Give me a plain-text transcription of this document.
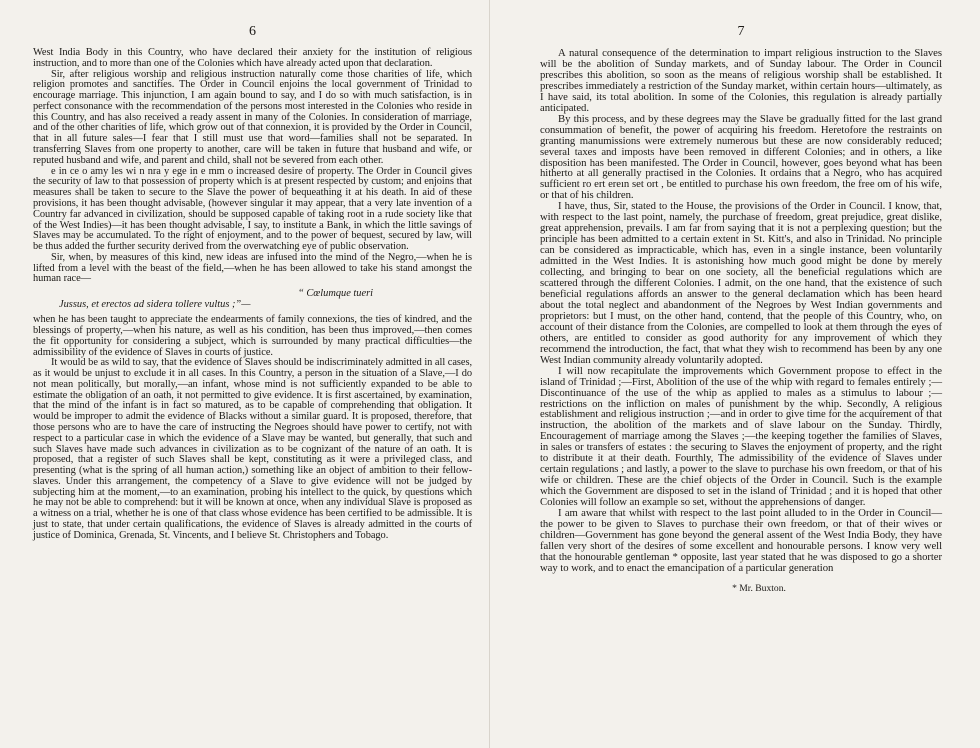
6

West India Body in this Country, who have declared their anxiety for the institution of religious instruction, and to more than one of the Colonies which have already acted upon that declaration.

Sir, after religious worship and religious instruction naturally come those charities of life, which religion promotes and sanctifies. The Order in Council enjoins the local government of Trinidad to encourage marriage. This injunction, I am again bound to say, and I do so with much satisfaction, is in perfect consonance with the recommendation of the persons most interested in the Colonies who reside in this Country, and has also received a ready assent in many of the Colonies. In consideration of marriage, and of the other charities of life, which grow out of that connexion, it is provided by the Order in Council, that in all future sales—I fear that I still must use that word—families shall not be separated. In transferring Slaves from one property to another, care will be taken in future that husband and wife, or reputed husband and wife, and parent and child, shall not be severed from each other.

e in ce o amy les wi n nra y ege in e mm o increased desire of property. The Order in Council gives the security of law to that possession of property which is at present respected by custom; and enjoins that measures shall be taken to secure to the Slave the power of bequeathing it at his death. In aid of these provisions, it has been thought advisable, (however singular it may appear, that a very late invention of a Country far advanced in civilization, should be supposed capable of taking root in a rude society like that of the West Indies)—it has been thought advisable, I say, to institute a Bank, in which the little savings of Slaves may be accumulated. To the right of enjoyment, and to the power of bequest, secured by law, will be thus added the further security derived from the overwatching eye of public observation.

Sir, when, by measures of this kind, new ideas are infused into the mind of the Negro,—when he is lifted from a level with the beast of the field,—when he has been allowed to take his stand amongst the human race—

“ Cœlumque tueri
Jussus, et erectos ad sidera tollere vultus ;”—

when he has been taught to appreciate the endearments of family connexions, the ties of kindred, and the blessings of property,—when his nature, as well as his condition, has been thus improved,—then comes the fit opportunity for considering a subject, which is surrounded by many practical difficulties—the admissibility of the evidence of Slaves in courts of justice.

It would be as wild to say, that the evidence of Slaves should be indiscriminately admitted in all cases, as it would be unjust to exclude it in all cases. In this Country, a person in the situation of a Slave,—I do not mean politically, but morally,—an infant, whose mind is not sufficiently expanded to be able to estimate the obligation of an oath, it not permitted to give evidence. It is first ascertained, by examination, that the mind of the infant is in fact so matured, as to be capable of comprehending that obligation. It would be improper to admit the evidence of Blacks without a similar guard. It is proposed, therefore, that those persons who are to have the care of instructing the Negroes should have power to certify, not with respect to a particular case in which the evidence of a Slave may be wanted, but generally, that such and such Slaves have made such advances in civilization as to be cognizant of the nature of an oath. It is proposed, that a register of such Slaves shall be kept, constituting as it were a privileged class, and presenting (what is the spring of all human action,) something like an object of ambition to their fellow-slaves. Under this arrangement, the competency of a Slave to give evidence will not be judged by subjecting him at the moment,—to an examination, probing his intellect to the quick, by questions which he may not be able to comprehend: but it will be known at once, when any individual Slave is proposed as a witness on a trial, whether he is one of that class whose evidence has been certified to be admissible. It is just to state, that under certain qualifications, the evidence of Slaves is already admitted in the courts of justice of Dominica, Grenada, St. Vincents, and I believe St. Christophers and Tobago.

7

A natural consequence of the determination to impart religious instruction to the Slaves will be the abolition of Sunday markets, and of Sunday labour. The Order in Council prescribes this abolition, so soon as the means of religious worship shall be established. It prescribes immediately a restriction of the Sunday market, within certain hours—ultimately, as I have said, its total abolition. In some of the Colonies, this regulation is already partially anticipated.

By this process, and by these degrees may the Slave be gradually fitted for the last grand consummation of benefit, the power of acquiring his freedom. Heretofore the restraints on granting manumissions were extremely numerous but these are now considerably reduced; several taxes and imposts have been removed in different Colonies; and in others, a like disposition has been manifested. The Order in Council, however, goes beyond what has been hitherto at all generally practised in the Colonies. It ordains that a Negro, who has acquired sufficient ro ert ereın set ort , be entitled to purchase his own freedom, the free om of his wife, or that of his children.

I have, thus, Sir, stated to the House, the provisions of the Order in Council. I know, that, with respect to the last point, namely, the purchase of freedom, great prejudice, great dislike, great apprehension, prevails. I am far from saying that it is not a perplexing question; but the principle has been admitted to a certain extent in St. Kitt's, and also in Trinidad. No principle can be considered as impracticable, which has, even in a single instance, been voluntarily admitted in the West Indies. It is astonishing how much good might be done by merely collecting, and bringing to bear on one society, all the beneficial regulations which are scattered through the different Colonies. I admit, on the one hand, that the existence of such beneficial regulations affords an answer to the general declamation which has been heard about the total neglect and abandonment of the Negroes by West Indian governments and proprietors: but I must, on the other hand, contend, that the people of this Country, who, on account of their distance from the Colonies, are compelled to look at them through the eyes of others, are entitled to consider as good authority for any improvement of which they recommend the introduction, the fact, that what they wish to recommend has been by any one West Indian community already voluntarily adopted.

I will now recapitulate the improvements which Government propose to effect in the island of Trinidad ;—First, Abolition of the use of the whip with regard to females entirely ;—Discontinuance of the use of the whip as applied to males as a stimulus to labour ;—restrictions on the infliction on males of punishment by the whip. Secondly, A religious establishment and religious instruction ;—and in order to give time for the acquirement of that instruction, the abolition of the markets and of slave labour on the Sunday. Thirdly, Encouragement of marriage among the Slaves ;—the keeping together the families of Slaves, in sales or transfers of estates : the securing to Slaves the enjoyment of property, and the right to distribute it at their death. Fourthly, The admissibility of the evidence of Slaves under certain regulations ; and lastly, a power to the slave to purchase his own freedom, or that of his wife or children. These are the chief objects of the Order in Council. Such is the example which the Government are disposed to set in the island of Trinidad ; and it is hoped that other Colonies will follow an example so set, without the apprehensions of danger.

I am aware that whilst with respect to the last point alluded to in the Order in Council—the power to be given to Slaves to purchase their own freedom, or that of their wives or children—Government has gone beyond the general assent of the West India Body, they have fallen very short of the desires of some excellent and honourable persons. I know very well that the honourable gentleman * opposite, last year stated that he was disposed to go a shorter way to work, and to enact the emancipation of a particular generation

* Mr. Buxton.
